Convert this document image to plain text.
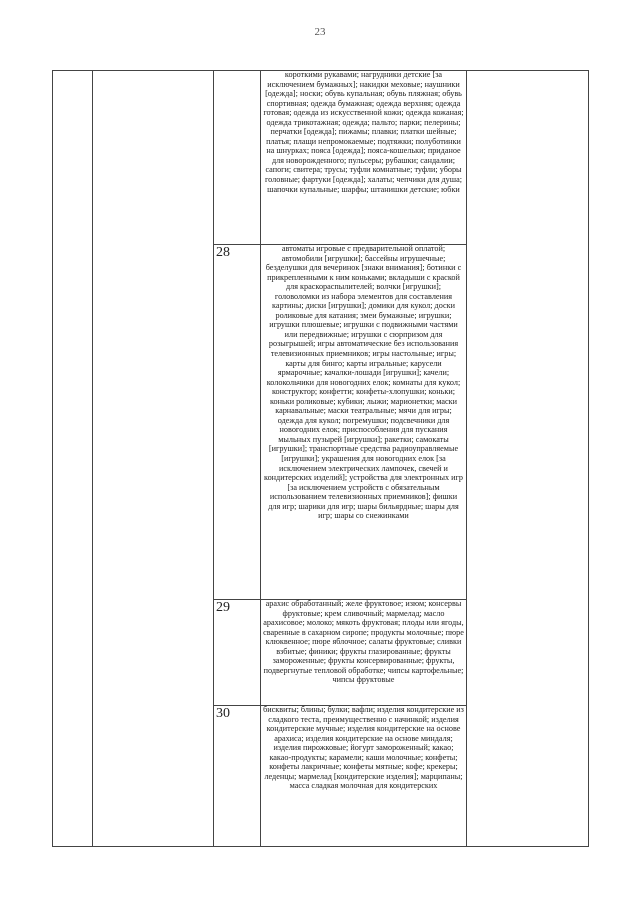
23
короткими рукавами; нагрудники детские [за исключением бумажных]; накидки меховые; наушники [одежда]; носки; обувь купальная; обувь пляжная; обувь спортивная; одежда бумажная; одежда верхняя; одежда готовая; одежда из искусственной кожи; одежда кожаная; одежда трикотажная; одежда; пальто; парки; пелерины; перчатки [одежда]; пижамы; плавки; платки шейные; платья; плащи непромокаемые; подтяжки; полуботинки на шнурках; пояса [одежда]; пояса-кошельки; приданое для новорожденного; пульсеры; рубашки; сандалии; сапоги; свитера; трусы; туфли комнатные; туфли; уборы головные; фартуки [одежда]; халаты; чепчики для душа; шапочки купальные; шарфы; штанишки детские; юбки
28	автоматы игровые с предварительной оплатой; автомобили [игрушки]; бассейны игрушечные; безделушки для вечеринок [знаки внимания]; ботинки с прикрепленными к ним коньками; вкладыши с краской для краскораспылителей; волчки [игрушки]; головоломки из набора элементов для составления картины; диски [игрушки]; домики для кукол; доски роликовые для катания; змеи бумажные; игрушки; игрушки плюшевые; игрушки с подвижными частями или передвижные; игрушки с сюрпризом для розыгрышей; игры автоматические без использования телевизионных приемников; игры настольные; игры; карты для бинго; карты игральные; карусели ярмарочные; качалки-лошади [игрушки]; качели; колокольчики для новогодних елок; комнаты для кукол; конструктор; конфетти; конфеты-хлопушки; коньки; коньки роликовые; кубики; лыжи; марионетки; маски карнавальные; маски театральные; мячи для игры; одежда для кукол; погремушки; подсвечники для новогодних елок; приспособления для пускания мыльных пузырей [игрушки]; ракетки; самокаты [игрушки]; транспортные средства радиоуправляемые [игрушки]; украшения для новогодних елок [за исключением электрических лампочек, свечей и кондитерских изделий]; устройства для электронных игр [за исключением устройств с обязательным использованием телевизионных приемников]; фишки для игр; шарики для игр; шары бильярдные; шары для игр; шары со снежинками
29	арахис обработанный; желе фруктовое; изюм; консервы фруктовые; крем сливочный; мармелад; масло арахисовое; молоко; мякоть фруктовая; плоды или ягоды, сваренные в сахарном сиропе; продукты молочные; пюре клюквенное; пюре яблочное; салаты фруктовые; сливки взбитые; финики; фрукты глазированные; фрукты замороженные; фрукты консервированные; фрукты, подвергнутые тепловой обработке; чипсы картофельные; чипсы фруктовые
30	бисквиты; блины; булки; вафли; изделия кондитерские из сладкого теста, преимущественно с начинкой; изделия кондитерские мучные; изделия кондитерские на основе арахиса; изделия кондитерские на основе миндаля; изделия пирожковые; йогурт замороженный; какао; какао-продукты; карамели; каши молочные; конфеты; конфеты лакричные; конфеты мятные; кофе; крекеры; леденцы; мармелад [кондитерские изделия]; марципаны; масса сладкая молочная для кондитерских
